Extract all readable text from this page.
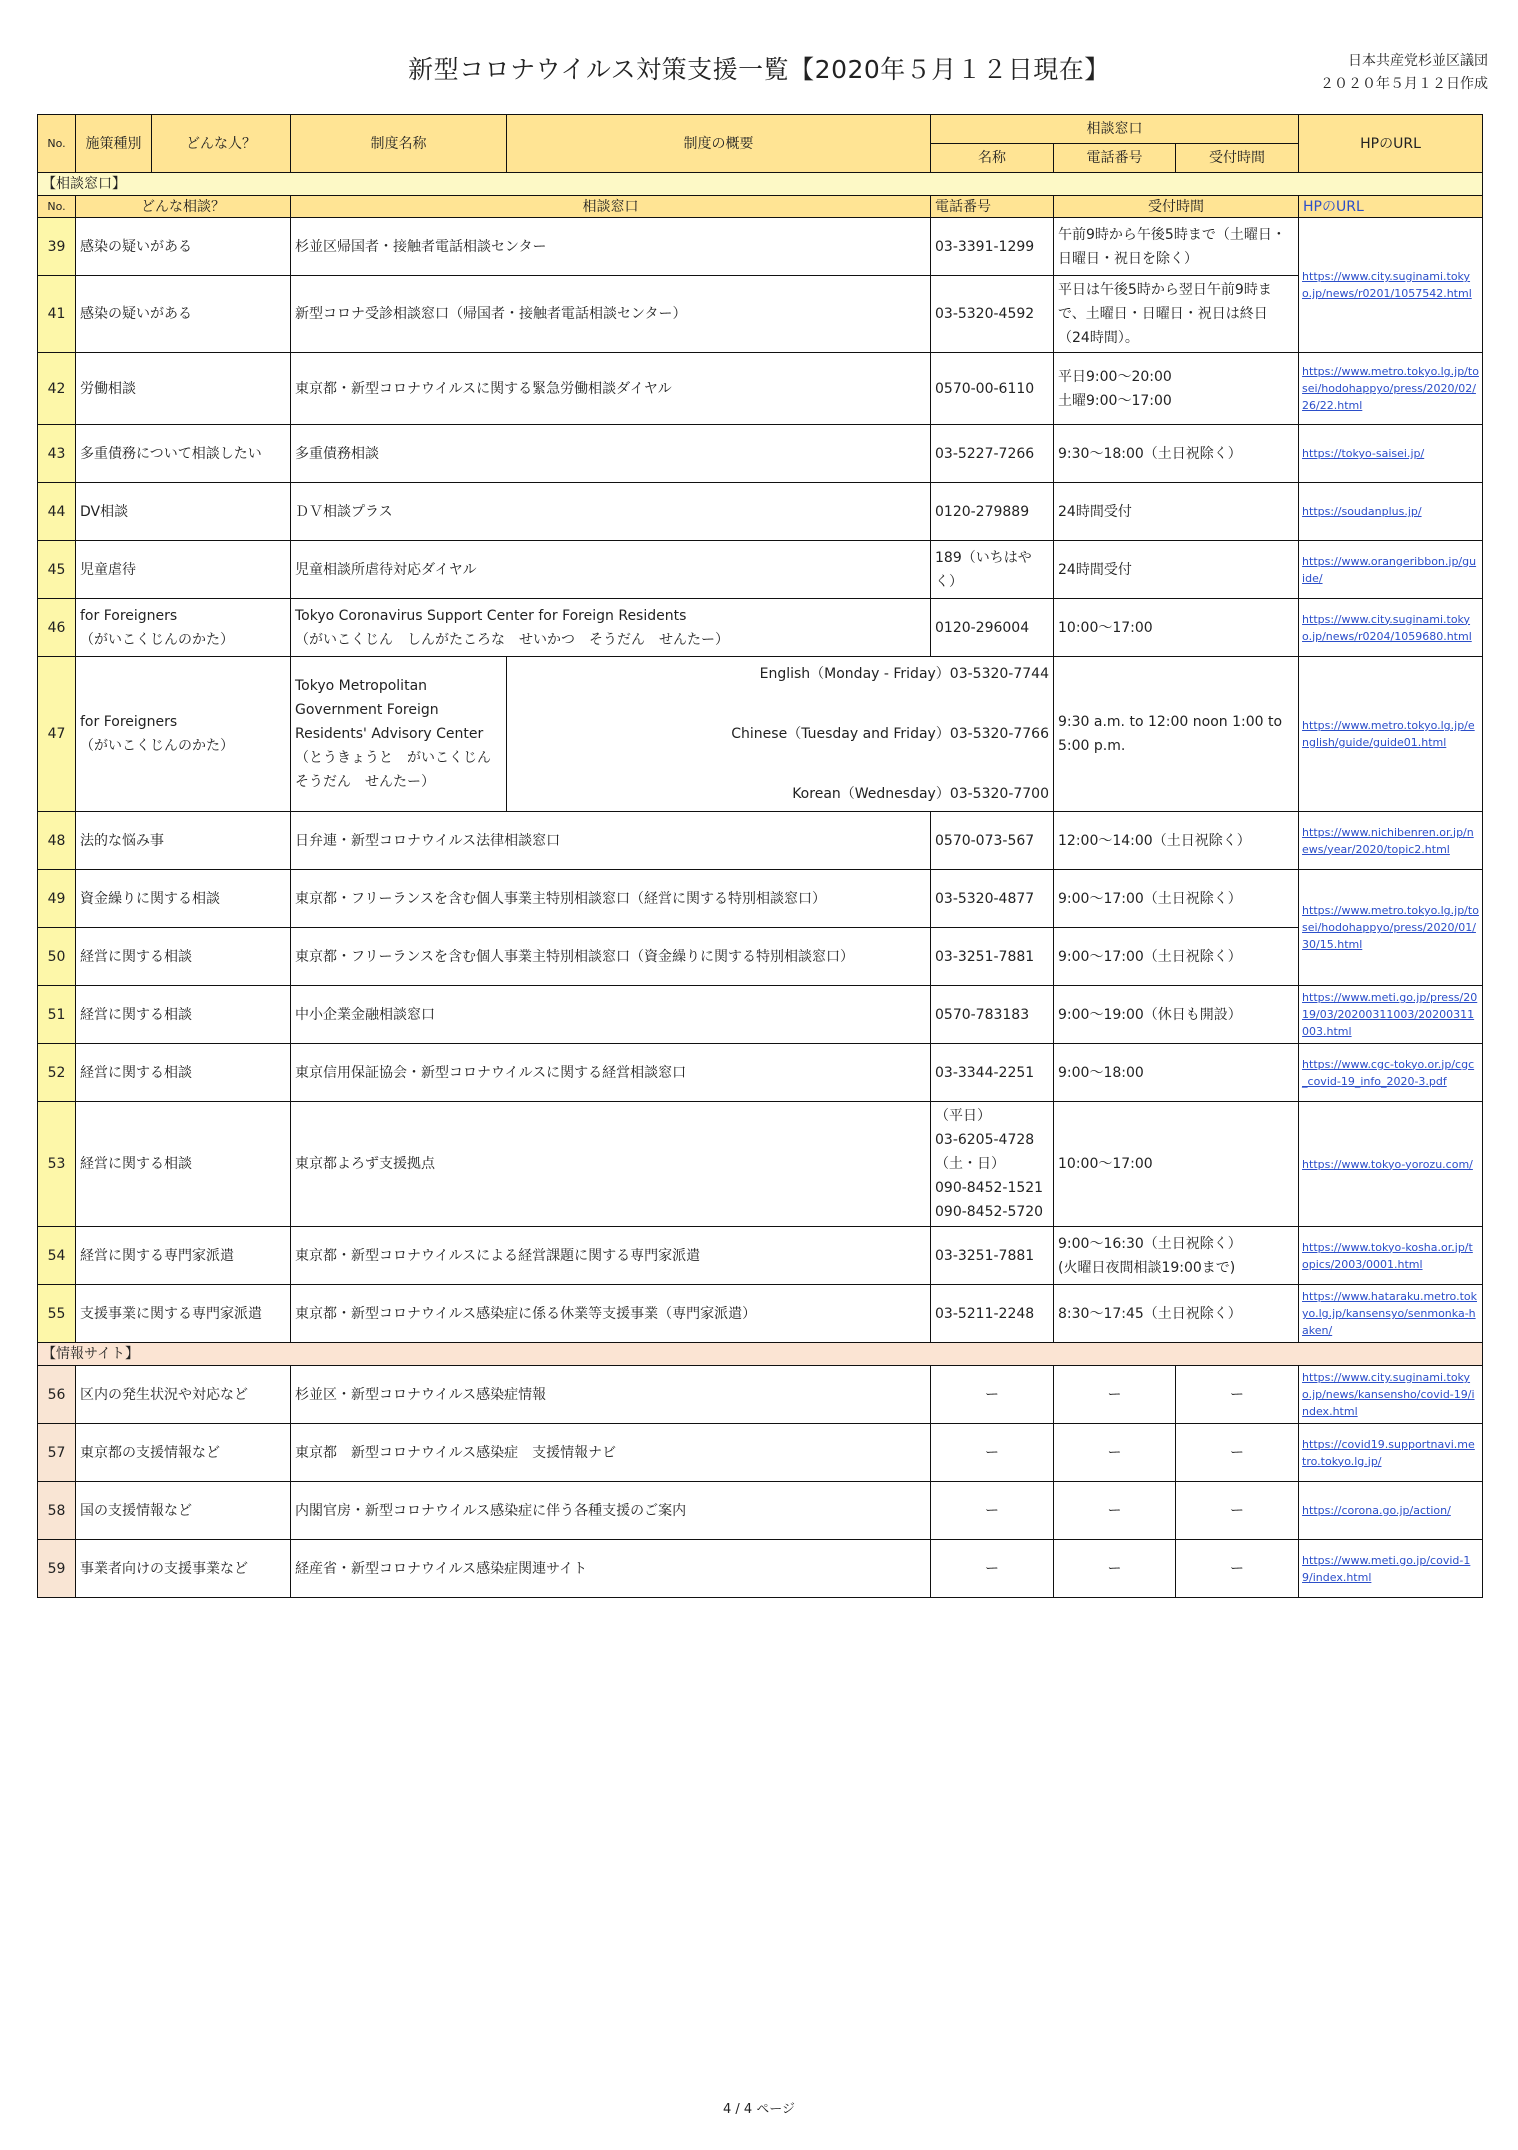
新型コロナウイルス対策支援一覧【2020年５月１２日現在】	日本共産党杉並区議団
２０２０年５月１２日作成
No.	施策種別	どんな人？	制度名称	制度の概要	相談窓口			HPのURL
					名称	電話番号	受付時間	
【相談窓口】								
No.	どんな相談？		相談窓口		電話番号	受付時間		HPのURL
39	感染の疑いがある		杉並区帰国者・接触者電話相談センター		03-3391-1299	午前9時から午後5時まで（土曜日・日曜日・祝日を除く）		https://www.city.suginami.tokyo.jp/news/r0201/1057542.html
41	感染の疑いがある		新型コロナ受診相談窓口（帰国者・接触者電話相談センター）		03-5320-4592	平日は午後5時から翌日午前9時まで、土曜日・日曜日・祝日は終日（24時間）。		
42	労働相談		東京都・新型コロナウイルスに関する緊急労働相談ダイヤル		0570-00-6110	平日9:00～20:00
土曜9:00～17:00		https://www.metro.tokyo.lg.jp/tosei/hodohappyo/press/2020/02/26/22.html
43	多重債務について相談したい		多重債務相談		03-5227-7266	9:30～18:00（土日祝除く）		https://tokyo-saisei.jp/
44	DV相談		ＤＶ相談プラス		0120-279889	24時間受付		https://soudanplus.jp/
45	児童虐待		児童相談所虐待対応ダイヤル		189（いちはやく）	24時間受付		https://www.orangeribbon.jp/guide/
46	for Foreigners
（がいこくじんのかた）		Tokyo Coronavirus Support Center for Foreign Residents
（がいこくじん　しんがたころな　せいかつ　そうだん　せんたー）		0120-296004	10:00～17:00		https://www.city.suginami.tokyo.jp/news/r0204/1059680.html
47	for Foreigners
（がいこくじんのかた）		Tokyo Metropolitan Government Foreign Residents' Advisory Center（とうきょうと　がいこくじん　そうだん　せんたー）	English（Monday - Friday）03-5320-7744
Chinese（Tuesday and Friday）03-5320-7766
Korean（Wednesday）03-5320-7700		9:30 a.m. to 12:00 noon 1:00 to 5:00 p.m.		https://www.metro.tokyo.lg.jp/english/guide/guide01.html
48	法的な悩み事		日弁連・新型コロナウイルス法律相談窓口		0570-073-567	12:00～14:00（土日祝除く）		https://www.nichibenren.or.jp/news/year/2020/topic2.html
49	資金繰りに関する相談		東京都・フリーランスを含む個人事業主特別相談窓口（経営に関する特別相談窓口）		03-5320-4877	9:00～17:00（土日祝除く）		https://www.metro.tokyo.lg.jp/tosei/hodohappyo/press/2020/01/30/15.html
50	経営に関する相談		東京都・フリーランスを含む個人事業主特別相談窓口（資金繰りに関する特別相談窓口）		03-3251-7881	9:00～17:00（土日祝除く）		
51	経営に関する相談		中小企業金融相談窓口		0570-783183	9:00～19:00（休日も開設）		https://www.meti.go.jp/press/2019/03/20200311003/20200311003.html
52	経営に関する相談		東京信用保証協会・新型コロナウイルスに関する経営相談窓口		03-3344-2251	9:00～18:00		https://www.cgc-tokyo.or.jp/cgc_covid-19_info_2020-3.pdf
53	経営に関する相談		東京都よろず支援拠点		（平日）
03-6205-4728
（土・日）
090-8452-1521
090-8452-5720	10:00～17:00		https://www.tokyo-yorozu.com/
54	経営に関する専門家派遣		東京都・新型コロナウイルスによる経営課題に関する専門家派遣		03-3251-7881	9:00～16:30（土日祝除く）
(火曜日夜間相談19:00まで)		https://www.tokyo-kosha.or.jp/topics/2003/0001.html
55	支援事業に関する専門家派遣		東京都・新型コロナウイルス感染症に係る休業等支援事業（専門家派遣）		03-5211-2248	8:30～17:45（土日祝除く）		https://www.hataraku.metro.tokyo.lg.jp/kansensyo/senmonka-haken/
【情報サイト】								
56	区内の発生状況や対応など		杉並区・新型コロナウイルス感染症情報		ー	ー	ー	https://www.city.suginami.tokyo.jp/news/kansensho/covid-19/index.html
57	東京都の支援情報など		東京都　新型コロナウイルス感染症　支援情報ナビ		ー	ー	ー	https://covid19.supportnavi.metro.tokyo.lg.jp/
58	国の支援情報など		内閣官房・新型コロナウイルス感染症に伴う各種支援のご案内		ー	ー	ー	https://corona.go.jp/action/
59	事業者向けの支援事業など		経産省・新型コロナウイルス感染症関連サイト		ー	ー	ー	https://www.meti.go.jp/covid-19/index.html
4 / 4 ページ
